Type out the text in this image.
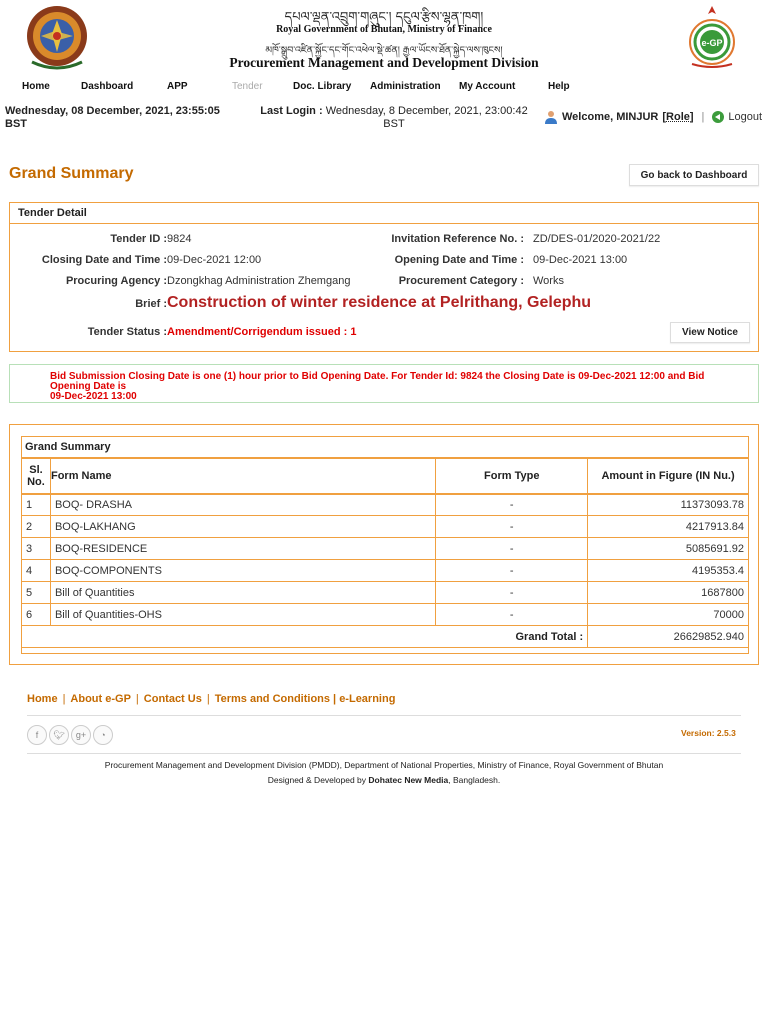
དཔལ་ལྡན་འབྲུག་གཞུང་། དངུལ་རྩིས་ལྷན་ཁག།
Royal Government of Bhutan, Ministry of Finance
མཁོ་སྒྲུབ་འཛིན་སྐྱོང་དང་གོང་འཕེལ་སྡེ་ཚན། རྒྱལ་ཡོངས་ཐོན་སྐྱེད་ལས་ཁུངས།
Procurement Management and Development Division
e-GP
Home	Dashboard	APP	Tender	Doc. Library Administration My Account	Help
Wednesday, 08 December, 2021, 23:55:05
BST
Last Login : Wednesday, 8 December, 2021, 23:00:42
BST
Welcome, MINJUR [Role] | Logout
Grand Summary	Go back to Dashboard
Tender Detail
Tender ID : 9824	Invitation Reference No. : ZD/DES-01/2020-2021/22
Closing Date and Time : 09-Dec-2021 12:00	Opening Date and Time : 09-Dec-2021 13:00
Procuring Agency : Dzongkhag Administration Zhemgang	Procurement Category : Works
Brief : Construction of winter residence at Pelrithang, Gelephu
Tender Status : Amendment/Corrigendum issued : 1	View Notice
Bid Submission Closing Date is one (1) hour prior to Bid Opening Date. For Tender Id: 9824 the Closing Date is 09-Dec-2021 12:00 and Bid Opening Date is
09-Dec-2021 13:00
Grand Summary
Sl.
No.	Form Name	Form Type	Amount in Figure (IN Nu.)
1	BOQ- DRASHA	-	11373093.78
2	BOQ-LAKHANG	-	4217913.84
3	BOQ-RESIDENCE	-	5085691.92
4	BOQ-COMPONENTS	-	4195353.4
5	Bill of Quantities	-	1687800
6	Bill of Quantities-OHS	-	70000
Grand Total :			26629852.940
Home | About e-GP | Contact Us | Terms and Conditions | e-Learning
f	🐦︎	g+	◔	Version: 2.5.3
Procurement Management and Development Division (PMDD), Department of National Properties, Ministry of Finance, Royal Government of Bhutan
Designed & Developed by Dohatec New Media, Bangladesh.
